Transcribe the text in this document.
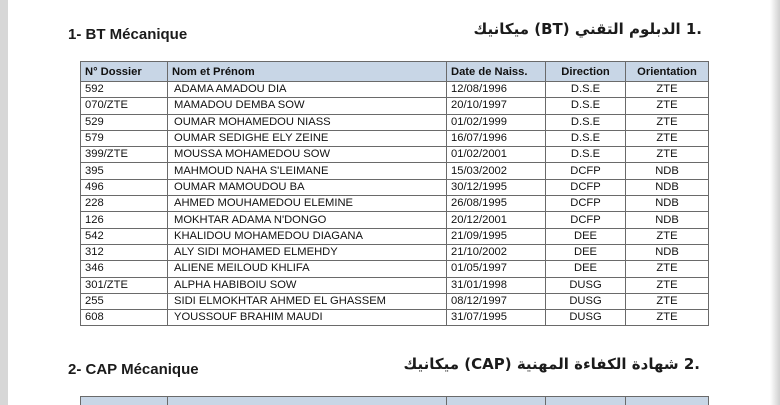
1- BT Mécanique	.1 الدبلوم التقني (BT) ميكانيك
N° Dossier	Nom et Prénom	Date de Naiss.	Direction	Orientation
592	ADAMA AMADOU DIA	12/08/1996	D.S.E	ZTE
070/ZTE	MAMADOU DEMBA SOW	20/10/1997	D.S.E	ZTE
529	OUMAR MOHAMEDOU NIASS	01/02/1999	D.S.E	ZTE
579	OUMAR SEDIGHE ELY ZEINE	16/07/1996	D.S.E	ZTE
399/ZTE	MOUSSA MOHAMEDOU SOW	01/02/2001	D.S.E	ZTE
395	MAHMOUD NAHA S'LEIMANE	15/03/2002	DCFP	NDB
496	OUMAR MAMOUDOU BA	30/12/1995	DCFP	NDB
228	AHMED MOUHAMEDOU ELEMINE	26/08/1995	DCFP	NDB
126	MOKHTAR ADAMA N'DONGO	20/12/2001	DCFP	NDB
542	KHALIDOU MOHAMEDOU DIAGANA	21/09/1995	DEE	ZTE
312	ALY SIDI MOHAMED ELMEHDY	21/10/2002	DEE	NDB
346	ALIENE MEILOUD KHLIFA	01/05/1997	DEE	ZTE
301/ZTE	ALPHA HABIBOIU SOW	31/01/1998	DUSG	ZTE
255	SIDI ELMOKHTAR AHMED EL GHASSEM	08/12/1997	DUSG	ZTE
608	YOUSSOUF BRAHIM MAUDI	31/07/1995	DUSG	ZTE
2- CAP Mécanique	.2 شهادة الكفاءة المهنية (CAP) ميكانيك
